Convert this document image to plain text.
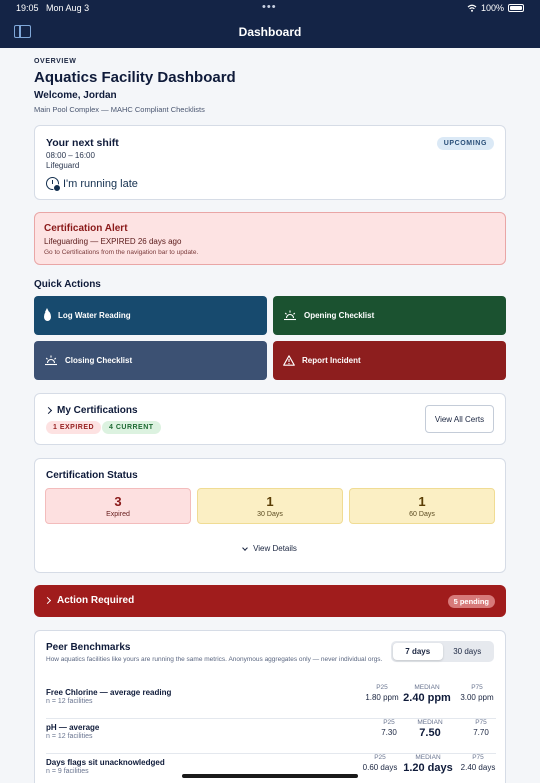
19:05 Mon Aug 3	•••	100%
Dashboard
OVERVIEW
Aquatics Facility Dashboard
Welcome, Jordan
Main Pool Complex — MAHC Compliant Checklists
Your next shift
08:00 – 16:00
Lifeguard
I'm running late
UPCOMING
Certification Alert
Lifeguarding — EXPIRED 26 days ago
Go to Certifications from the navigation bar to update.
Quick Actions
Log Water Reading	Opening Checklist
Closing Checklist	Report Incident
My Certifications
1 EXPIRED	4 CURRENT
View All Certs
Certification Status
3
Expired
1
30 Days
1
60 Days
View Details
Action Required	5 pending
Peer Benchmarks
How aquatics facilities like yours are running the same metrics. Anonymous aggregates only — never individual orgs.
7 days	30 days
Free Chlorine — average reading
n = 12 facilities
P25
1.80 ppm
MEDIAN
2.40 ppm
P75
3.00 ppm
pH — average
n = 12 facilities
P25
7.30
MEDIAN
7.50
P75
7.70
Days flags sit unacknowledged
n = 9 facilities
P25
0.60 days
MEDIAN
1.20 days
P75
2.40 days
